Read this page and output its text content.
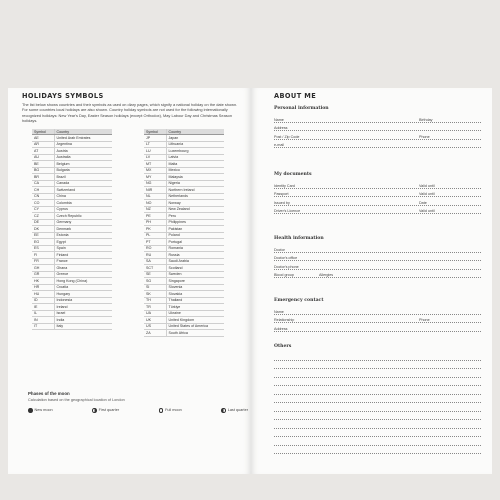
HOLIDAYS SYMBOLS
The list below shows countries and their symbols as used on diary pages, which signify a national holiday on the date shown. For some countries local holidays are also shown. Country holiday symbols are not used for the following internationally recognized holidays: New Year's Day, Easter Season holidays (except Orthodox), May Labour Day and Christmas Season holidays.
Symbol	Country
AE	United Arab Emirates
AR	Argentina
AT	Austria
AU	Australia
BE	Belgium
BG	Bulgaria
BR	Brazil
CA	Canada
CH	Switzerland
CN	China
CO	Colombia
CY	Cyprus
CZ	Czech Republic
DE	Germany
DK	Denmark
EE	Estonia
EG	Egypt
ES	Spain
FI	Finland
FR	France
GH	Ghana
GR	Greece
HK	Hong Kong (China)
HR	Croatia
HU	Hungary
ID	Indonesia
IE	Ireland
IL	Israel
IN	India
IT	Italy
Symbol	Country
JP	Japan
LT	Lithuania
LU	Luxembourg
LV	Latvia
MT	Malta
MX	Mexico
MY	Malaysia
NG	Nigeria
NIR	Northern Ireland
NL	Netherlands
NO	Norway
NZ	New Zealand
PE	Peru
PH	Philippines
PK	Pakistan
PL	Poland
PT	Portugal
RO	Romania
RU	Russia
SA	Saudi Arabia
SCT	Scotland
SE	Sweden
SG	Singapore
SI	Slovenia
SK	Slovakia
TH	Thailand
TR	Türkiye
UA	Ukraine
UK	United Kingdom
US	United States of America
ZA	South Africa
Phases of the moon
Calculation based on the geographical location of London
New moon	First quarter	Full moon	Last quarter
ABOUT ME
Personal information
Name	Birthday
Address
Post / Zip Code	Phone
e-mail
My documents
Identity Card	Valid until
Passport	Valid until
Issued by	Date
Driver's Licence	Valid until
Health information
Doctor
Doctor's office
Doctor's phone
Blood group	Allergies
Emergency contact
Name
Relationship	Phone
Address
Others
